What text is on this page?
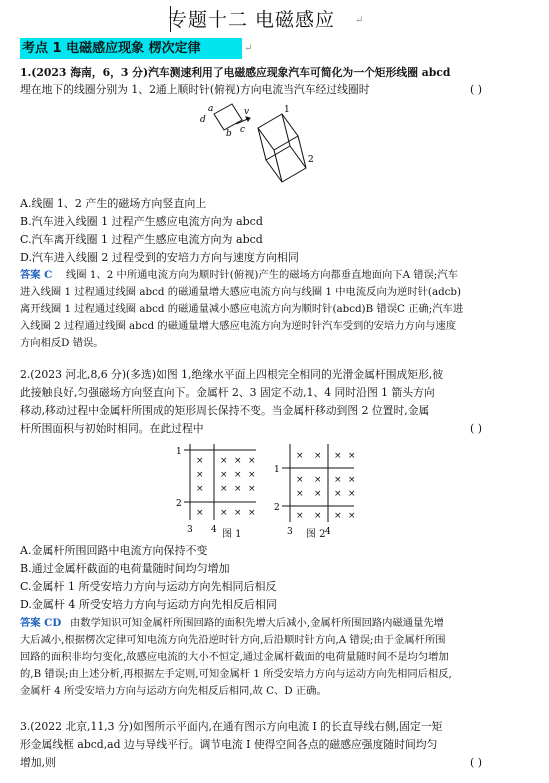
专题十二 电磁感应 ↵
考点 1 电磁感应现象 楞次定律	↵
1.(2023 海南，6，3 分)汽车测速利用了电磁感应现象汽车可简化为一个矩形线圈 abcd
埋在地下的线圈分别为 1、2通上顺时针(俯视)方向电流当汽车经过线圈时	( )
a
b c
d
v	1
2
A.线圈 1、2 产生的磁场方向竖直向上
B.汽车进入线圈 1 过程产生感应电流方向为 abcd
C.汽车离开线圈 1 过程产生感应电流方向为 abcd
D.汽车进入线圈 2 过程受到的安培力方向与速度方向相同
答案 C 线圈 1、2 中所通电流方向为顺时针(俯视)产生的磁场方向都垂直地面向下A 错误;汽车
进入线圈 1 过程通过线圈 abcd 的磁通量增大感应电流方向与线圈 1 中电流反向为逆时针(adcb)
离开线圈 1 过程通过线圈 abcd 的磁通量减小感应电流方向为顺时针(abcd)B 错误C 正确;汽车进
入线圈 2 过程通过线圈 abcd 的磁通量增大感应电流方向为逆时针汽车受到的安培力方向与速度
方向相反D 错误。
2.(2023 河北,8,6 分)(多选)如图 1,绝缘水平面上四根完全相同的光滑金属杆围成矩形,彼
此接触良好,匀强磁场方向竖直向下。金属杆 2、3 固定不动,1、4 同时沿图 1 箭头方向
移动,移动过程中金属杆所围成的矩形周长保持不变。当金属杆移动到图 2 位置时,金属
杆所围面积与初始时相同。在此过程中	( )
× × × ×
× × × ×
× × × ×
× × × ×
1
2
3 4 图 1
× × × ×
× × × ×
× × × ×
× × × ×
1
2
3	4
图 2
A.金属杆所围回路中电流方向保持不变
B.通过金属杆截面的电荷量随时间均匀增加
C.金属杆 1 所受安培力方向与运动方向先相同后相反
D.金属杆 4 所受安培力方向与运动方向先相反后相同
答案 CD 由数学知识可知金属杆所围回路的面积先增大后减小,金属杆所围回路内磁通量先增
大后减小,根据楞次定律可知电流方向先沿逆时针方向,后沿顺时针方向,A 错误;由于金属杆所围
回路的面积非均匀变化,故感应电流的大小不恒定,通过金属杆截面的电荷量随时间不是均匀增加
的,B 错误;由上述分析,再根据左手定则,可知金属杆 1 所受安培力方向与运动方向先相同后相反,
金属杆 4 所受安培力方向与运动方向先相反后相同,故 C、D 正确。
3.(2022 北京,11,3 分)如图所示平面内,在通有图示方向电流 I 的长直导线右侧,固定一矩
形金属线框 abcd,ad 边与导线平行。调节电流 I 使得空间各点的磁感应强度随时间均匀
增加,则	( )
